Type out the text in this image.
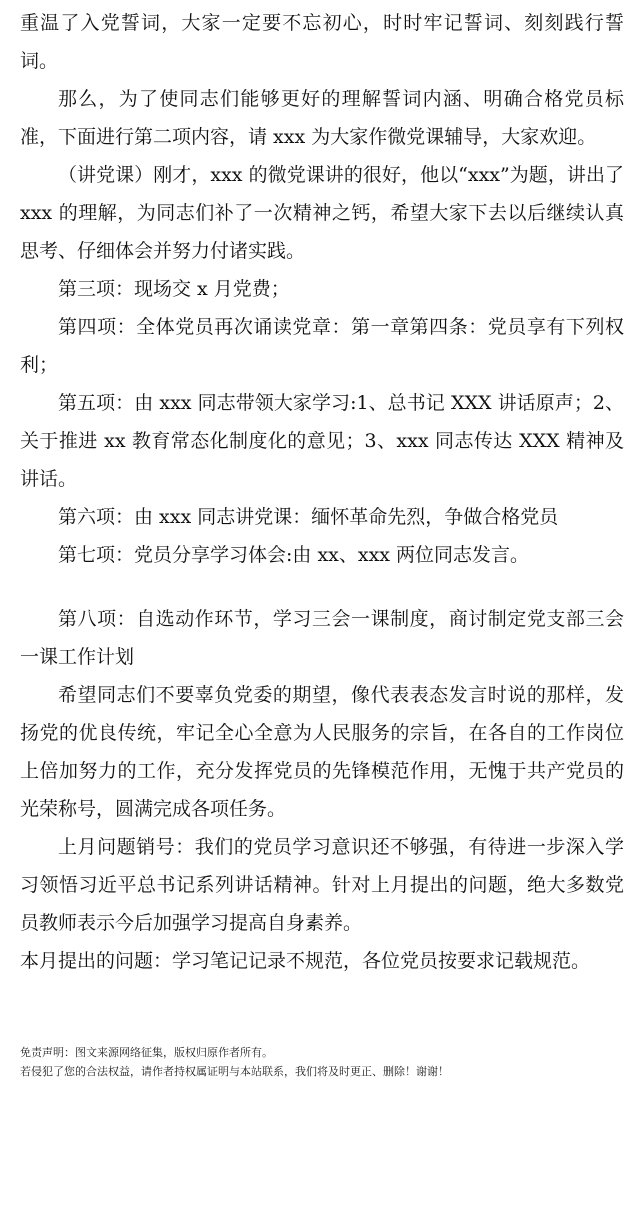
重温了入党誓词，大家一定要不忘初心，时时牢记誓词、刻刻践行誓词。

那么，为了使同志们能够更好的理解誓词内涵、明确合格党员标准，下面进行第二项内容，请 xxx 为大家作微党课辅导，大家欢迎。

（讲党课）刚才，xxx 的微党课讲的很好，他以“xxx”为题，讲出了 xxx 的理解，为同志们补了一次精神之钙，希望大家下去以后继续认真思考、仔细体会并努力付诸实践。

第三项：现场交 x 月党费；

第四项：全体党员再次诵读党章：第一章第四条：党员享有下列权利；

第五项：由 xxx 同志带领大家学习:1、总书记 XXX 讲话原声；2、关于推进 xx 教育常态化制度化的意见；3、xxx 同志传达 XXX 精神及讲话。

第六项：由 xxx 同志讲党课：缅怀革命先烈，争做合格党员

第七项：党员分享学习体会:由 xx、xxx 两位同志发言。

第八项：自选动作环节，学习三会一课制度，商讨制定党支部三会一课工作计划

希望同志们不要辜负党委的期望，像代表表态发言时说的那样，发扬党的优良传统，牢记全心全意为人民服务的宗旨，在各自的工作岗位上倍加努力的工作，充分发挥党员的先锋模范作用，无愧于共产党员的光荣称号，圆满完成各项任务。

上月问题销号：我们的党员学习意识还不够强，有待进一步深入学习领悟习近平总书记系列讲话精神。针对上月提出的问题，绝大多数党员教师表示今后加强学习提高自身素养。

本月提出的问题：学习笔记记录不规范，各位党员按要求记载规范。

免责声明：图文来源网络征集，版权归原作者所有。

若侵犯了您的合法权益，请作者持权属证明与本站联系，我们将及时更正、删除！谢谢！
